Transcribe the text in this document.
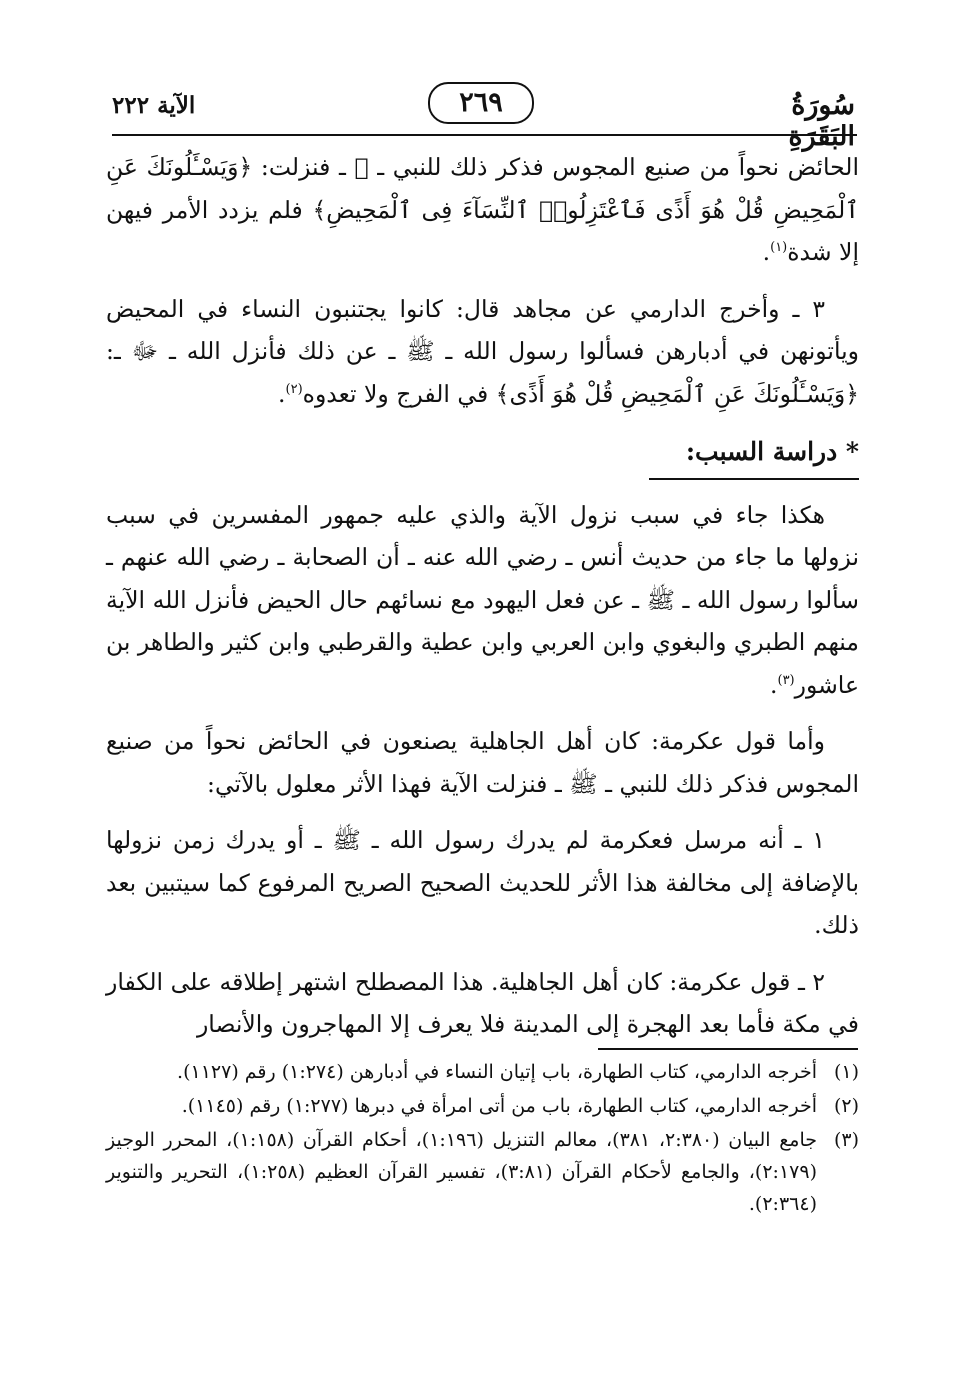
سُورَةُ البَقَرَةِ
٢٦٩
الآية ٢٢٢

الحائض نحواً من صنيع المجوس فذكر ذلك للنبي ـ ﷺ ـ فنزلت: ﴿وَيَسْـَٔلُونَكَ عَنِ ٱلْمَحِيضِ قُلْ هُوَ أَذًى فَٱعْتَزِلُوا۟ ٱلنِّسَآءَ فِى ٱلْمَحِيضِ﴾ فلم يزدد الأمر فيهن إلا شدة$^{(١)}$.

٣ ـ وأخرج الدارمي عن مجاهد قال: كانوا يجتنبون النساء في المحيض ويأتونهن في أدبارهن فسألوا رسول الله ـ ﷺ ـ عن ذلك فأنزل الله ـ ﷻ ـ: ﴿وَيَسْـَٔلُونَكَ عَنِ ٱلْمَحِيضِ قُلْ هُوَ أَذًى﴾ في الفرج ولا تعدوه$^{(٢)}$.

* دراسة السبب:

هكذا جاء في سبب نزول الآية والذي عليه جمهور المفسرين في سبب نزولها ما جاء من حديث أنس ـ رضي الله عنه ـ أن الصحابة ـ رضي الله عنهم ـ سألوا رسول الله ـ ﷺ ـ عن فعل اليهود مع نسائهم حال الحيض فأنزل الله الآية منهم الطبري والبغوي وابن العربي وابن عطية والقرطبي وابن كثير والطاهر بن عاشور$^{(٣)}$.

وأما قول عكرمة: كان أهل الجاهلية يصنعون في الحائض نحواً من صنيع المجوس فذكر ذلك للنبي ـ ﷺ ـ فنزلت الآية فهذا الأثر معلول بالآتي:

١ ـ أنه مرسل فعكرمة لم يدرك رسول الله ـ ﷺ ـ أو يدرك زمن نزولها بالإضافة إلى مخالفة هذا الأثر للحديث الصحيح الصريح المرفوع كما سيتبين بعد ذلك.

٢ ـ قول عكرمة: كان أهل الجاهلية. هذا المصطلح اشتهر إطلاقه على الكفار في مكة فأما بعد الهجرة إلى المدينة فلا يعرف إلا المهاجرون والأنصار

(١)
أخرجه الدارمي، كتاب الطهارة، باب إتيان النساء في أدبارهن (١:٢٧٤) رقم (١١٢٧).
(٢)
أخرجه الدارمي، كتاب الطهارة، باب من أتى امرأة في دبرها (١:٢٧٧) رقم (١١٤٥).
(٣)
جامع البيان (٢:٣٨٠، ٣٨١)، معالم التنزيل (١:١٩٦)، أحكام القرآن (١:١٥٨)، المحرر الوجيز (٢:١٧٩)، والجامع لأحكام القرآن (٣:٨١)، تفسير القرآن العظيم (١:٢٥٨)، التحرير والتنوير (٢:٣٦٤).
